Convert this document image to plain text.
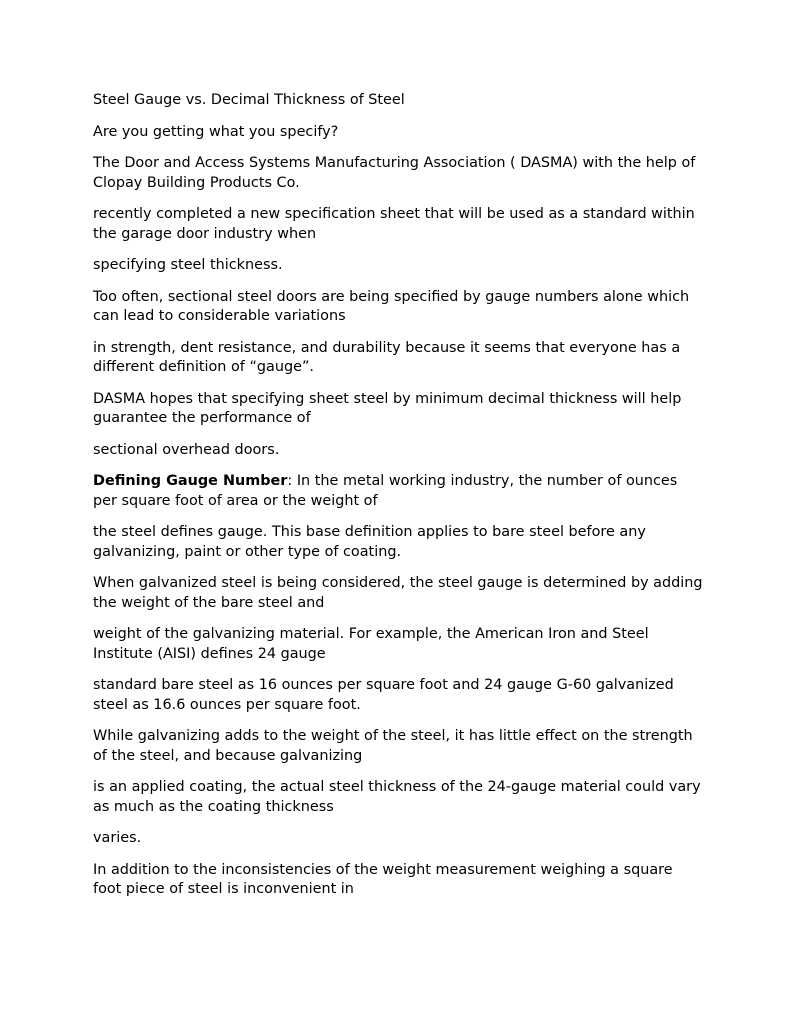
Steel Gauge vs. Decimal Thickness of Steel

Are you getting what you specify?

The Door and Access Systems Manufacturing Association ( DASMA) with the help of Clopay Building Products Co.

recently completed a new specification sheet that will be used as a standard within the garage door industry when

specifying steel thickness.

Too often, sectional steel doors are being specified by gauge numbers alone which can lead to considerable variations

in strength, dent resistance, and durability because it seems that everyone has a different definition of “gauge”.

DASMA hopes that specifying sheet steel by minimum decimal thickness will help guarantee the performance of

sectional overhead doors.

Defining Gauge Number: In the metal working industry, the number of ounces per square foot of area or the weight of

the steel defines gauge. This base definition applies to bare steel before any galvanizing, paint or other type of coating.

When galvanized steel is being considered, the steel gauge is determined by adding the weight of the bare steel and

weight of the galvanizing material. For example, the American Iron and Steel Institute (AISI) defines 24 gauge

standard bare steel as 16 ounces per square foot and 24 gauge G-60 galvanized steel as 16.6 ounces per square foot.

While galvanizing adds to the weight of the steel, it has little effect on the strength of the steel, and because galvanizing

is an applied coating, the actual steel thickness of the 24-gauge material could vary as much as the coating thickness

varies.

In addition to the inconsistencies of the weight measurement weighing a square foot piece of steel is inconvenient in
